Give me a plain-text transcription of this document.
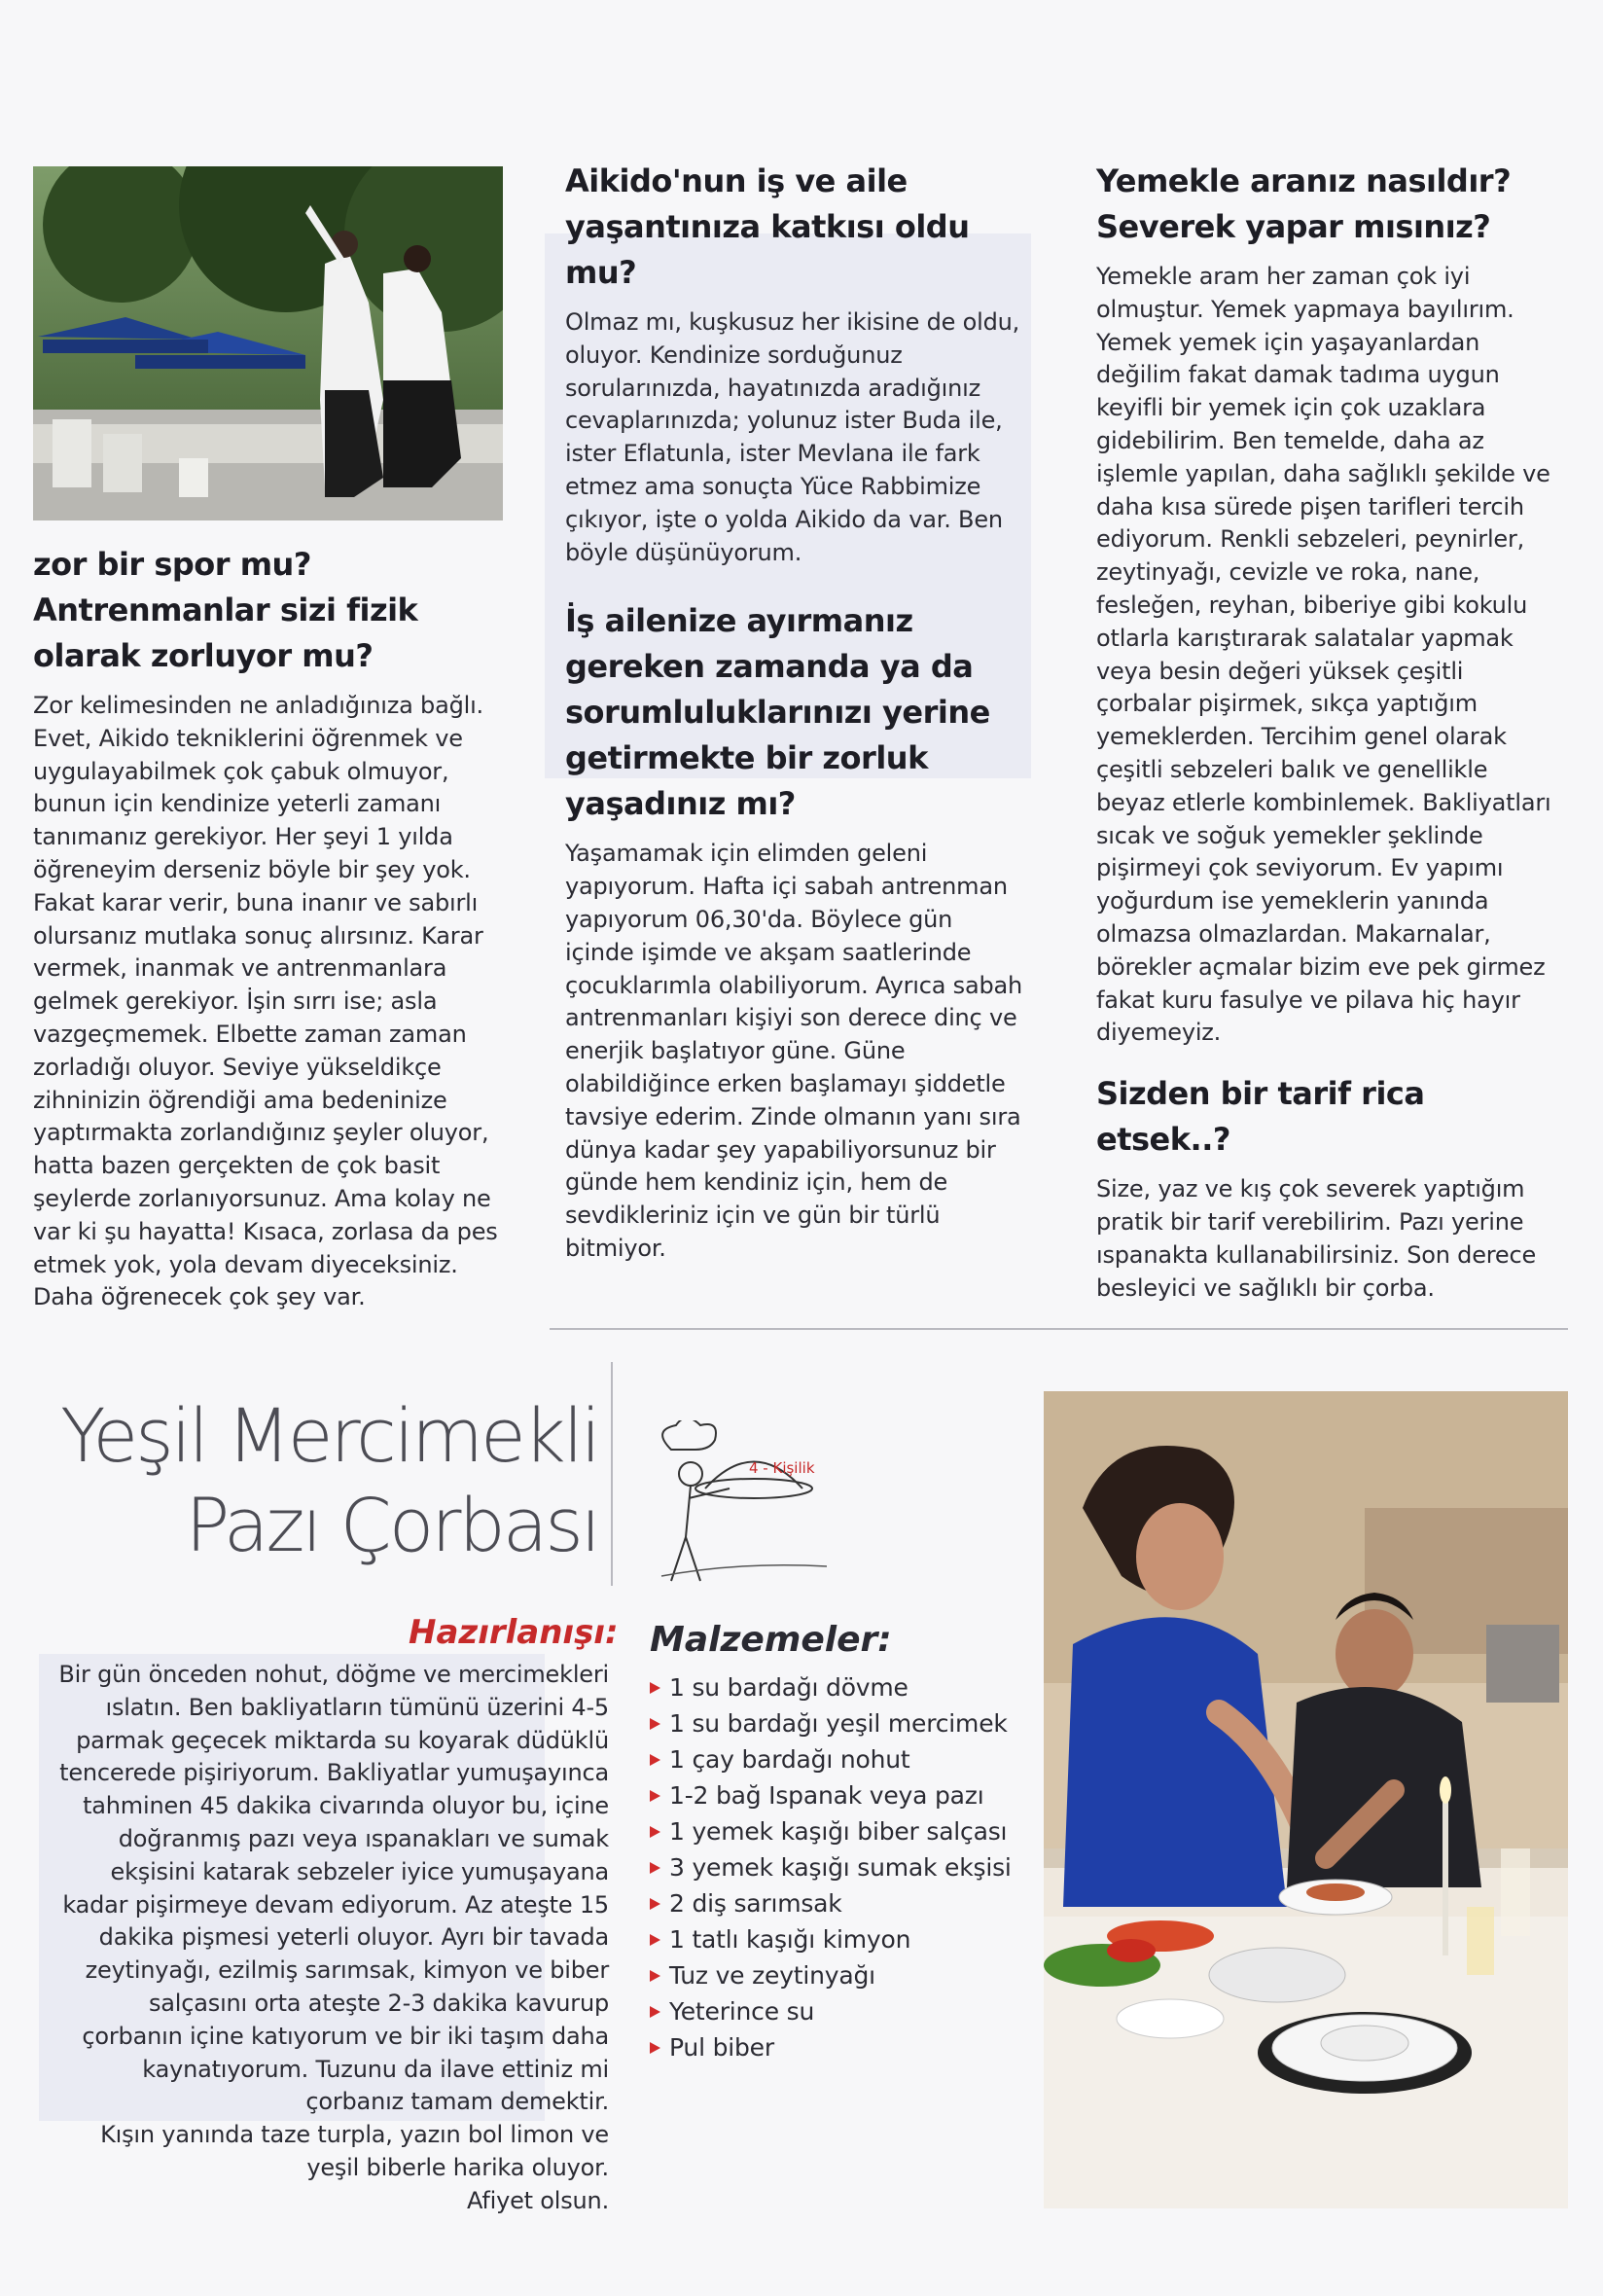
zor bir spor mu? Antrenmanlar sizi fizik olarak zorluyor mu?

Zor kelimesinden ne anladığınıza bağlı. Evet, Aikido tekniklerini öğrenmek ve uygulayabilmek çok çabuk olmuyor, bunun için kendinize yeterli zamanı tanımanız gerekiyor. Her şeyi 1 yılda öğreneyim derseniz böyle bir şey yok. Fakat karar verir, buna inanır ve sabırlı olursanız mutlaka sonuç alırsınız. Karar vermek, inanmak ve antrenmanlara gelmek gerekiyor. İşin sırrı ise; asla vazgeçmemek. Elbette zaman zaman zorladığı oluyor. Seviye yükseldikçe zihninizin öğrendiği ama bedeninize yaptırmakta zorlandığınız şeyler oluyor, hatta bazen gerçekten de çok basit şeylerde zorlanıyorsunuz. Ama kolay ne var ki şu hayatta! Kısaca, zorlasa da pes etmek yok, yola devam diyeceksiniz. Daha öğrenecek çok şey var.

Aikido'nun iş ve aile yaşantınıza katkısı oldu mu?

Olmaz mı, kuşkusuz her ikisine de oldu, oluyor. Kendinize sorduğunuz sorularınızda, hayatınızda aradığınız cevaplarınızda; yolunuz ister Buda ile, ister Eflatunla, ister Mevlana ile fark etmez ama sonuçta Yüce Rabbimize çıkıyor, işte o yolda Aikido da var. Ben böyle düşünüyorum.

İş ailenize ayırmanız gereken zamanda ya da sorumluluklarınızı yerine getirmekte bir zorluk yaşadınız mı?

Yaşamamak için elimden geleni yapıyorum. Hafta içi sabah antrenman yapıyorum 06,30'da. Böylece gün içinde işimde ve akşam saatlerinde çocuklarımla olabiliyorum. Ayrıca sabah antrenmanları kişiyi son derece dinç ve enerjik başlatıyor güne. Güne olabildiğince erken başlamayı şiddetle tavsiye ederim. Zinde olmanın yanı sıra dünya kadar şey yapabiliyorsunuz bir günde hem kendiniz için, hem de sevdikleriniz için ve gün bir türlü bitmiyor.

Yemekle aranız nasıldır? Severek yapar mısınız?

Yemekle aram her zaman çok iyi olmuştur. Yemek yapmaya bayılırım. Yemek yemek için yaşayanlardan değilim fakat damak tadıma uygun keyifli bir yemek için çok uzaklara gidebilirim. Ben temelde, daha az işlemle yapılan, daha sağlıklı şekilde ve daha kısa sürede pişen tarifleri tercih ediyorum. Renkli sebzeleri, peynirler, zeytinyağı, cevizle ve roka, nane, fesleğen, reyhan, biberiye gibi kokulu otlarla karıştırarak salatalar yapmak veya besin değeri yüksek çeşitli çorbalar pişirmek, sıkça yaptığım yemeklerden. Tercihim genel olarak çeşitli sebzeleri balık ve genellikle beyaz etlerle kombinlemek. Bakliyatları sıcak ve soğuk yemekler şeklinde pişirmeyi çok seviyorum. Ev yapımı yoğurdum ise yemeklerin yanında olmazsa olmazlardan. Makarnalar, börekler açmalar bizim eve pek girmez fakat kuru fasulye ve pilava hiç hayır diyemeyiz.

Sizden bir tarif rica etsek..?

Size, yaz ve kış çok severek yaptığım pratik bir tarif verebilirim. Pazı yerine ıspanakta kullanabilirsiniz. Son derece besleyici ve sağlıklı bir çorba.

Yeşil Mercimekli
Pazı Çorbası
4 - Kişilik
Hazırlanışı:

Bir gün önceden nohut, döğme ve mercimekleri ıslatın. Ben bakliyatların tümünü üzerini 4-5 parmak geçecek miktarda su koyarak düdüklü tencerede pişiriyorum. Bakliyatlar yumuşayınca tahminen 45 dakika civarında oluyor bu, içine doğranmış pazı veya ıspanakları ve sumak ekşisini katarak sebzeler iyice yumuşayana kadar pişirmeye devam ediyorum. Az ateşte 15 dakika pişmesi yeterli oluyor. Ayrı bir tavada zeytinyağı, ezilmiş sarımsak, kimyon ve biber salçasını orta ateşte 2-3 dakika kavurup çorbanın içine katıyorum ve bir iki taşım daha kaynatıyorum. Tuzunu da ilave ettiniz mi çorbanız tamam demektir.

Kışın yanında taze turpla, yazın bol limon ve yeşil biberle harika oluyor.

Afiyet olsun.

Malzemeler:
1 su bardağı dövme
1 su bardağı yeşil mercimek
1 çay bardağı nohut
1-2 bağ Ispanak veya pazı
1 yemek kaşığı biber salçası
3 yemek kaşığı sumak ekşisi
2 diş sarımsak
1 tatlı kaşığı kimyon
Tuz ve zeytinyağı
Yeterince su
Pul biber
